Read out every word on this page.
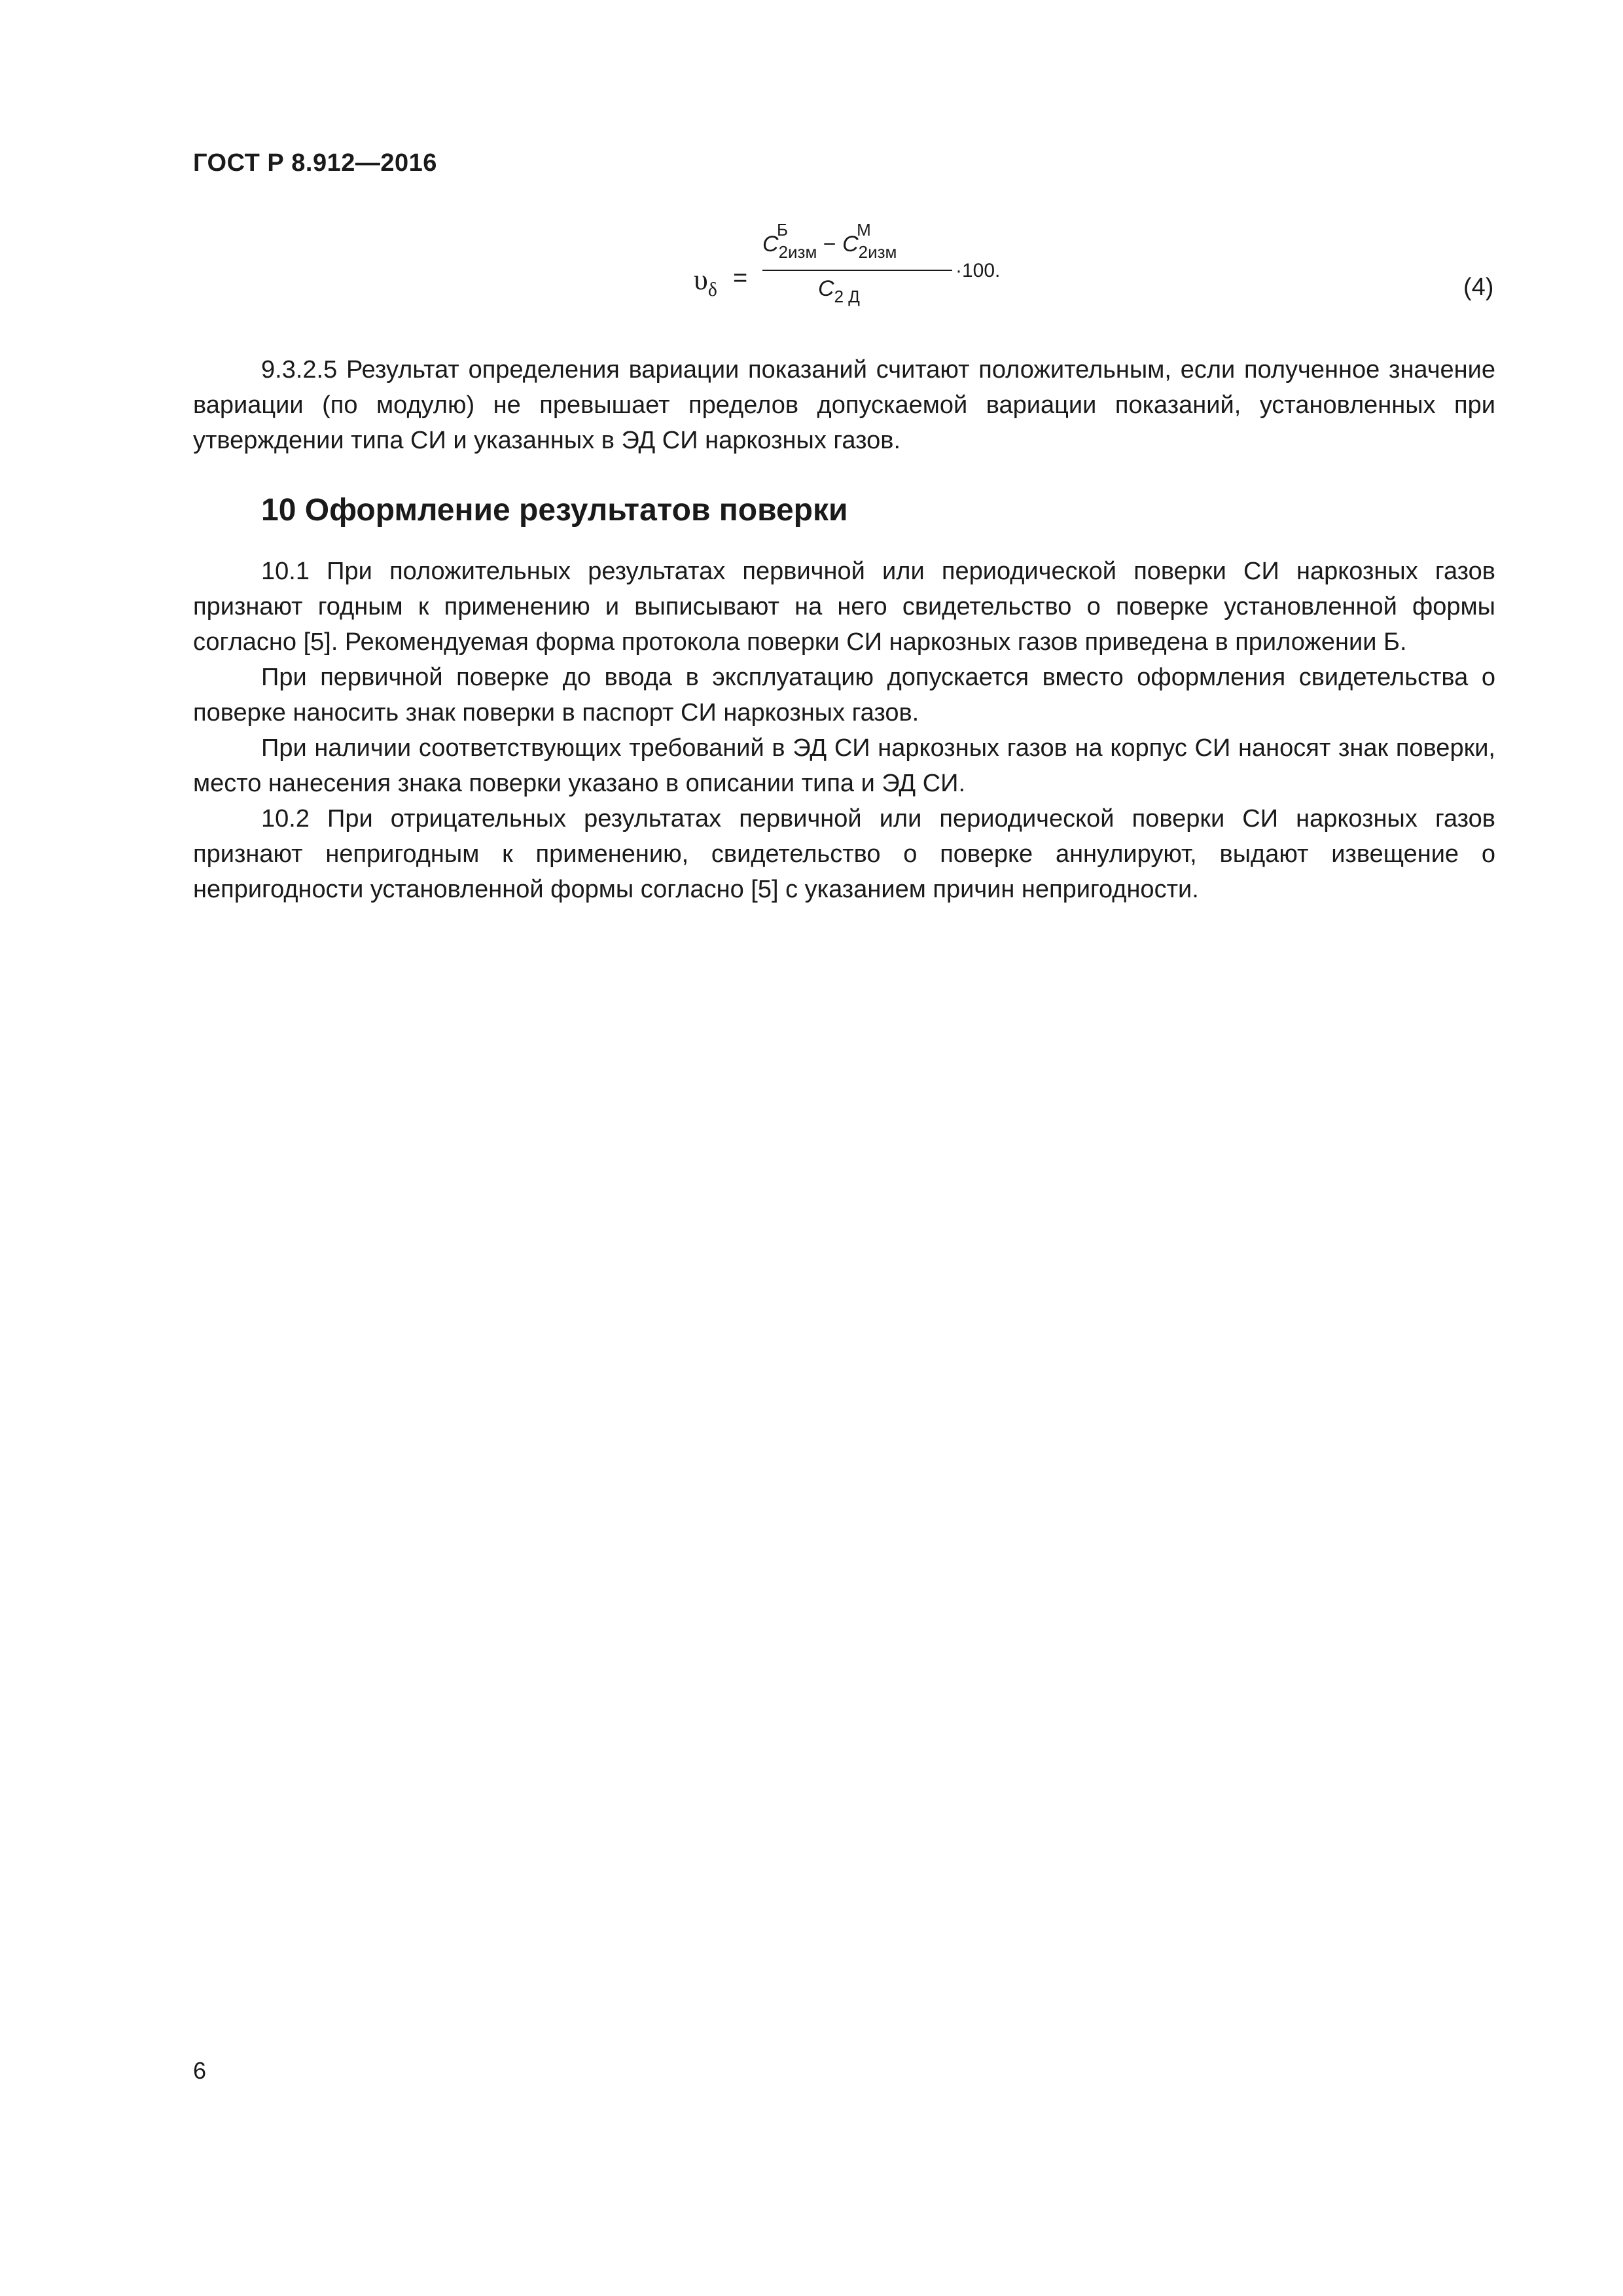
ГОСТ Р 8.912—2016
$\upsilon_\delta$ =
C
Б
$_{2изм}$ − C
М
$_{2изм}$
$C_{2 Д}$
·100.
(4)

9.3.2.5 Результат определения вариации показаний считают положительным, если полученное значение вариации (по модулю) не превышает пределов допускаемой вариации показаний, установленных при утверждении типа СИ и указанных в ЭД СИ наркозных газов.

10 Оформление результатов поверки

10.1 При положительных результатах первичной или периодической поверки СИ наркозных газов признают годным к применению и выписывают на него свидетельство о поверке установленной формы согласно [5]. Рекомендуемая форма протокола поверки СИ наркозных газов приведена в приложении Б.

При первичной поверке до ввода в эксплуатацию допускается вместо оформления свидетельства о поверке наносить знак поверки в паспорт СИ наркозных газов.

При наличии соответствующих требований в ЭД СИ наркозных газов на корпус СИ наносят знак поверки, место нанесения знака поверки указано в описании типа и ЭД СИ.

10.2 При отрицательных результатах первичной или периодической поверки СИ наркозных газов признают непригодным к применению, свидетельство о поверке аннулируют, выдают извещение о непригодности установленной формы согласно [5] с указанием причин непригодности.

6
